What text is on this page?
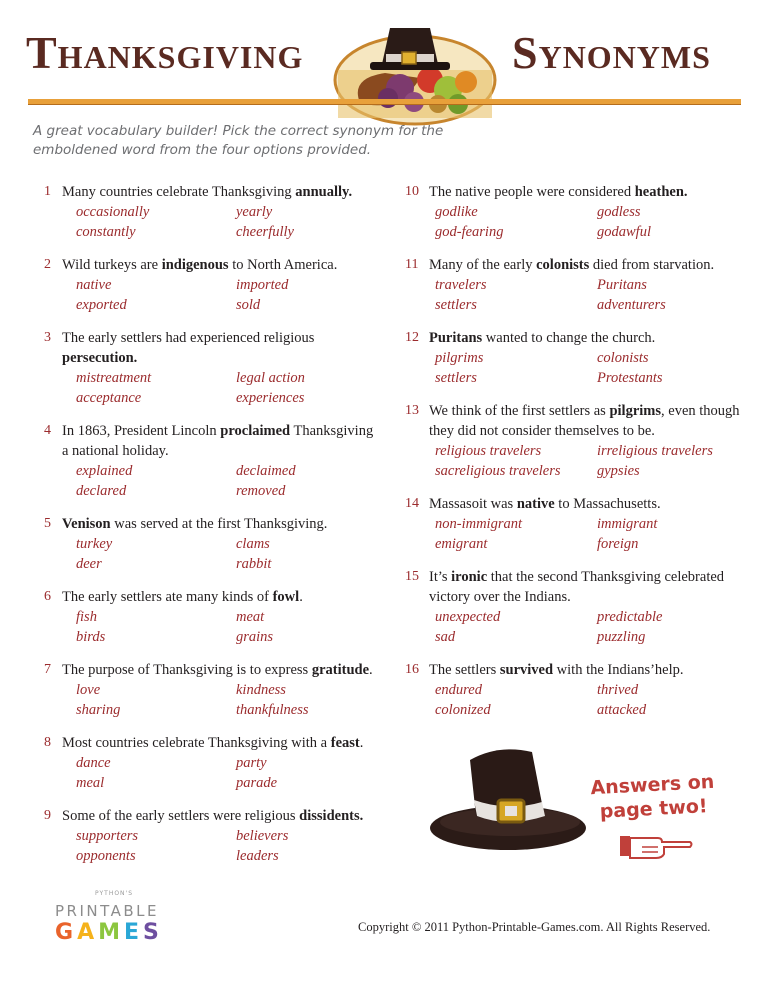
Thanksgiving	Synonyms
A great vocabulary builder! Pick the correct synonym for the emboldened word from the four options provided.
1 Many countries celebrate Thanksgiving annually.
occasionally	yearly
constantly	cheerfully
2 Wild turkeys are indigenous to North America.
native	imported
exported	sold
3 The early settlers had experienced religious persecution.
mistreatment	legal action
acceptance	experiences
4 In 1863, President Lincoln proclaimed Thanksgiving a national holiday.
explained	declaimed
declared	removed
5 Venison was served at the first Thanksgiving.
turkey	clams
deer	rabbit
6 The early settlers ate many kinds of fowl.
fish	meat
birds	grains
7 The purpose of Thanksgiving is to express gratitude.
love	kindness
sharing	thankfulness
8 Most countries celebrate Thanksgiving with a feast.
dance	party
meal	parade
9 Some of the early settlers were religious dissidents.
supporters	believers
opponents	leaders
10 The native people were considered heathen.
godlike	godless
god-fearing	godawful
11 Many of the early colonists died from starvation.
travelers	Puritans
settlers	adventurers
12 Puritans wanted to change the church.
pilgrims	colonists
settlers	Protestants
13 We think of the first settlers as pilgrims, even though they did not consider themselves to be.
religious travelers	irreligious travelers
sacreligious travelers	gypsies
14 Massasoit was native to Massachusetts.
non-immigrant	immigrant
emigrant	foreign
15 It’s ironic that the second Thanksgiving celebrated victory over the Indians.
unexpected	predictable
sad	puzzling
16 The settlers survived with the Indians’help.
endured	thrived
colonized	attacked
Answers on page two!
PYTHON'S
PRINTABLE
GAMES	Copyright © 2011 Python-Printable-Games.com. All Rights Reserved.
